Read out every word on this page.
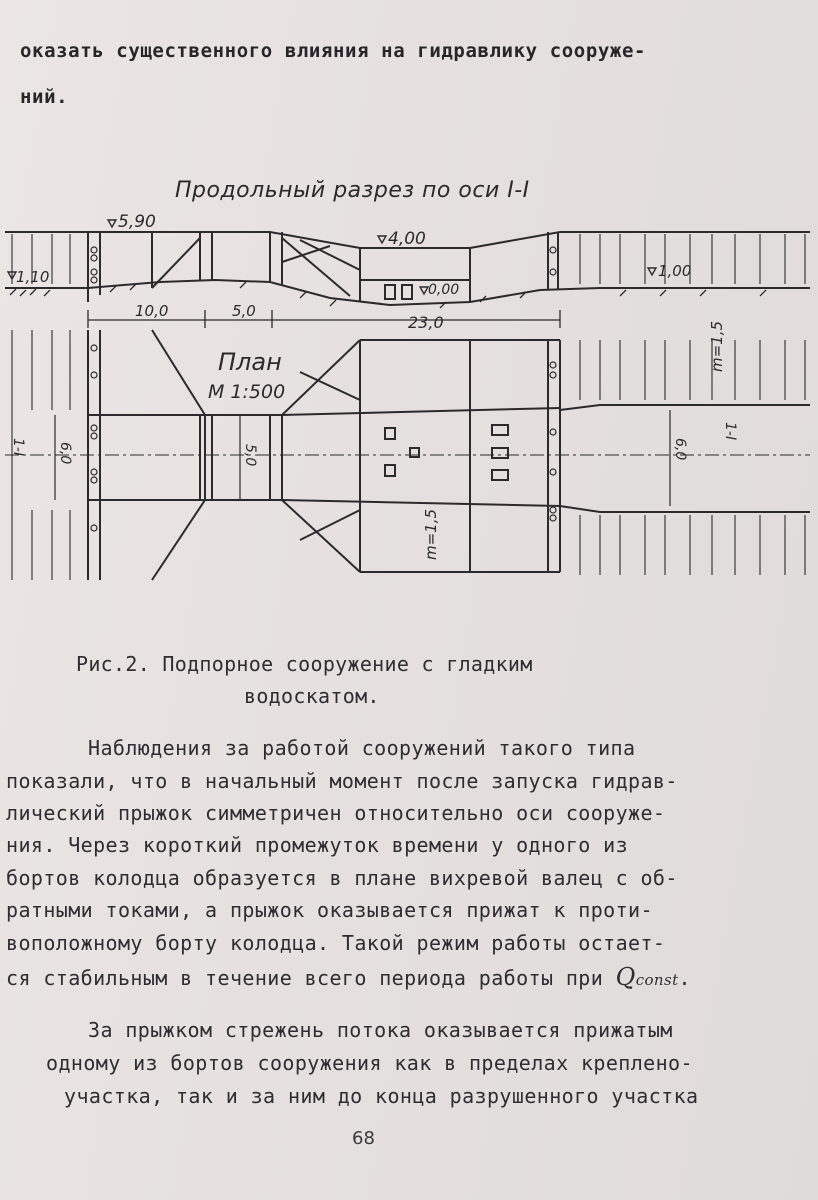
оказать существенного влияния на гидравлику сооруже-

ний.

Продольный разрез по оси I-I
5,90
4,00
1,10
0,00
1,00
10,0	5,0
23,0
План
М 1:500
1-I 6,0	5,0
m=1,5
m=1,5
6,0
1-I

Рис.2. Подпорное сооружение с гладким

водоскатом.

Наблюдения за работой сооружений такого типа

показали, что в начальный момент после запуска гидрав-

лический прыжок симметричен относительно оси сооруже-

ния. Через короткий промежуток времени у одного из

бортов колодца образуется в плане вихревой валец с об-

ратными токами, а прыжок оказывается прижат к проти-

воположному борту колодца. Такой режим работы остает-

ся стабильным в течение всего периода работы при Qconst.

За прыжком стрежень потока оказывается прижатым

одному из бортов сооружения как в пределах креплено-

участка, так и за ним до конца разрушенного участка

68
